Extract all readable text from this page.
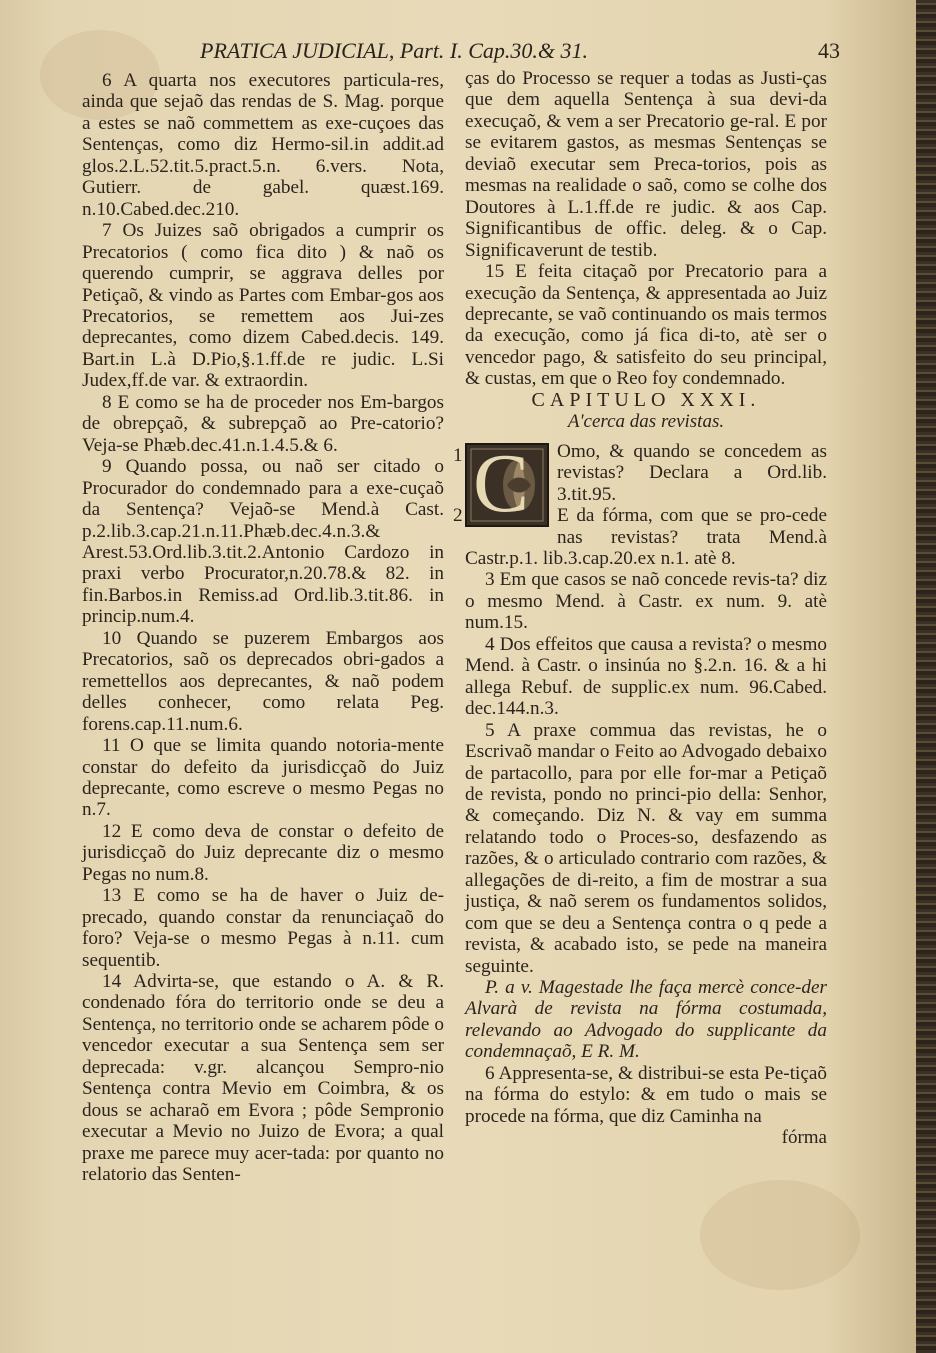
PRATICA JUDICIAL, Part. I. Cap.30.& 31.	43

6 A quarta nos executores particula-res, ainda que sejaõ das rendas de S. Mag. porque a estes se naõ commettem as exe-cuçoes das Sentenças, como diz Hermo-sil.in addit.ad glos.2.L.52.tit.5.pract.5.n. 6.vers. Nota, Gutierr. de gabel. quæst.169. n.10.Cabed.dec.210.

7 Os Juizes saõ obrigados a cumprir os Precatorios ( como fica dito ) & naõ os querendo cumprir, se aggrava delles por Petiçaõ, & vindo as Partes com Embar-gos aos Precatorios, se remettem aos Jui-zes deprecantes, como dizem Cabed.decis. 149. Bart.in L.à D.Pio,§.1.ff.de re judic. L.Si Judex,ff.de var. & extraordin.

8 E como se ha de proceder nos Em-bargos de obrepçaõ, & subrepçaõ ao Pre-catorio? Veja-se Phæb.dec.41.n.1.4.5.& 6.

9 Quando possa, ou naõ ser citado o Procurador do condemnado para a exe-cuçaõ da Sentença? Vejaõ-se Mend.à Cast. p.2.lib.3.cap.21.n.11.Phæb.dec.4.n.3.& Arest.53.Ord.lib.3.tit.2.Antonio Cardozo in praxi verbo Procurator,n.20.78.& 82. in fin.Barbos.in Remiss.ad Ord.lib.3.tit.86. in princip.num.4.

10 Quando se puzerem Embargos aos Precatorios, saõ os deprecados obri-gados a remettellos aos deprecantes, & naõ podem delles conhecer, como relata Peg. forens.cap.11.num.6.

11 O que se limita quando notoria-mente constar do defeito da jurisdicçaõ do Juiz deprecante, como escreve o mesmo Pegas no n.7.

12 E como deva de constar o defeito de jurisdicçaõ do Juiz deprecante diz o mesmo Pegas no num.8.

13 E como se ha de haver o Juiz de-precado, quando constar da renunciaçaõ do foro? Veja-se o mesmo Pegas à n.11. cum sequentib.

14 Advirta-se, que estando o A. & R. condenado fóra do territorio onde se deu a Sentença, no territorio onde se acharem pôde o vencedor executar a sua Sentença sem ser deprecada: v.gr. alcançou Sempro-nio Sentença contra Mevio em Coimbra, & os dous se acharaõ em Evora ; pôde Sempronio executar a Mevio no Juizo de Evora; a qual praxe me parece muy acer-tada: por quanto no relatorio das Senten-

ças do Processo se requer a todas as Justi-ças que dem aquella Sentença à sua devi-da execuçaõ, & vem a ser Precatorio ge-ral. E por se evitarem gastos, as mesmas Sentenças se deviaõ executar sem Preca-torios, pois as mesmas na realidade o saõ, como se colhe dos Doutores à L.1.ff.de re judic. & aos Cap. Significantibus de offic. deleg. & o Cap. Significaverunt de testib.

15 E feita citaçaõ por Precatorio para a execução da Sentença, & appresentada ao Juiz deprecante, se vaõ continuando os mais termos da execução, como já fica di-to, atè ser o vencedor pago, & satisfeito do seu principal, & custas, em que o Reo foy condemnado.

CAPITULO XXXI.

A'cerca das revistas.

1 C	Omo, & quando se concedem as revistas? Declara a Ord.lib. 3.tit.95.

2	E da fórma, com que se pro-cede nas revistas? trata Mend.à Castr.p.1. lib.3.cap.20.ex n.1. atè 8.

3 Em que casos se naõ concede revis-ta? diz o mesmo Mend. à Castr. ex num. 9. atè num.15.

4 Dos effeitos que causa a revista? o mesmo Mend. à Castr. o insinúa no §.2.n. 16. & a hi allega Rebuf. de supplic.ex num. 96.Cabed. dec.144.n.3.

5 A praxe commua das revistas, he o Escrivaõ mandar o Feito ao Advogado debaixo de partacollo, para por elle for-mar a Petiçaõ de revista, pondo no princi-pio della: Senhor, & começando. Diz N. & vay em summa relatando todo o Proces-so, desfazendo as razões, & o articulado contrario com razões, & allegações de di-reito, a fim de mostrar a sua justiça, & naõ serem os fundamentos solidos, com que se deu a Sentença contra o q pede a revista, & acabado isto, se pede na maneira seguinte.

P. a v. Magestade lhe faça mercè conce-der Alvarà de revista na fórma costumada, relevando ao Advogado do supplicante da condemnaçaõ, E R. M.

6 Appresenta-se, & distribui-se esta Pe-tiçaõ na fórma do estylo: & em tudo o mais se procede na fórma, que diz Caminha na

fórma
